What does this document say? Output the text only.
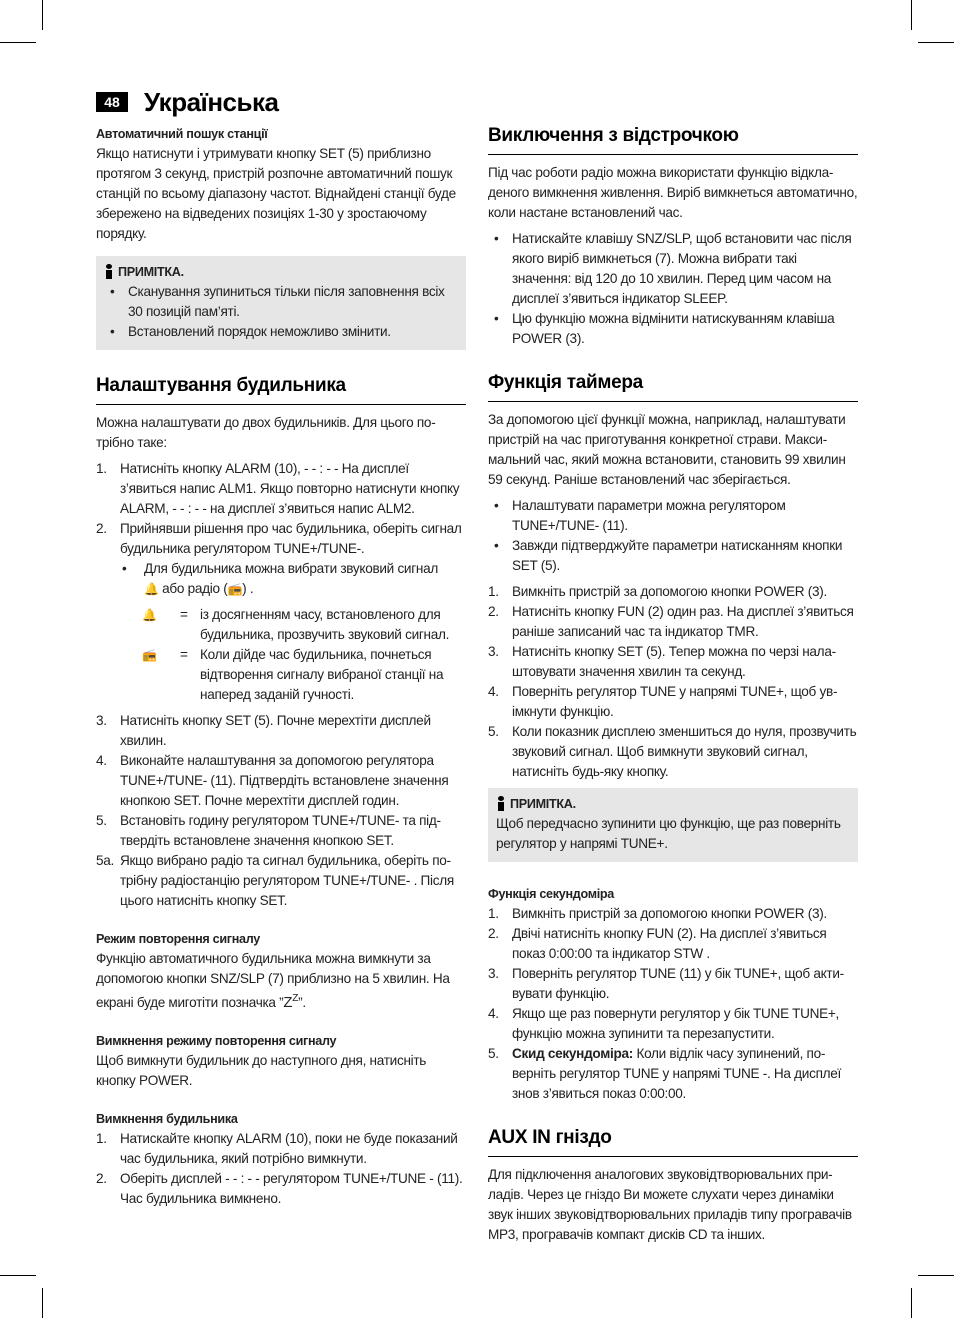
48 Українська

Автоматичний пошук станції

Якщо натиснути і утримувати кнопку SET (5) приблизно протягом 3 секунд, пристрій розпочне автоматичний пошук станцій по всьому діапазону частот. Віднайдені станції буде збережено на відведених позиціях 1-30 у зростаючому порядку.

ПРИМІТКА.
• Сканування зупиниться тільки після заповнення всіх 30 позицій пам’яті.
• Встановлений порядок неможливо змінити.
Налаштування будильника

Можна налаштувати до двох будильників. Для цього потрібно таке:

1. Натисніть кнопку ALARM (10), - - : - - На дисплеї з’явиться напис ALM1. Якщо повторно натиснути кнопку ALARM, - - : - - на дисплеї з’явиться напис ALM2.
2. Прийнявши рішення про час будильника, оберіть сигнал будильника регулятором TUNE+/TUNE-.
• Для будильника можна вибрати звуковий сигнал
🔔 або радіо (📻) .
🔔	= із досягненням часу, встановленого для будильника, прозвучить звуковий сигнал.
📻	= Коли дійде час будильника, почнеться відтворення сигналу вибраної станції на наперед заданій гучності.
3. Натисніть кнопку SET (5). Почне мерехтіти дисплей хвилин.
4. Виконайте налаштування за допомогою регулятора TUNE+/TUNE- (11). Підтвердіть встановлене значення кнопкою SET. Почне мерехтіти дисплей годин.
5. Встановіть годину регулятором TUNE+/TUNE- та підтвердіть встановлене значення кнопкою SET.
5a. Якщо вибрано радіо та сигнал будильника, оберіть потрібну радіостанцію регулятором TUNE+/TUNE- . Після цього натисніть кнопку SET.

Режим повторення сигналу

Функцію автоматичного будильника можна вимкнути за допомогою кнопки SNZ/SLP (7) приблизно на 5 хвилин. На екрані буде миготіти позначка $”Z^Z$”.

Вимкнення режиму повторення сигналу

Щоб вимкнути будильник до наступного дня, натисніть кнопку POWER.

Вимкнення будильника

1. Натискайте кнопку ALARM (10), поки не буде показаний час будильника, який потрібно вимкнути.
2. Оберіть дисплей - - : - - регулятором TUNE+/TUNE - (11). Час будильника вимкнено.
Виключення з відстрочкою

Під час роботи радіо можна використати функцію відкладеного вимкнення живлення. Виріб вимкнеться автоматично, коли настане встановлений час.

• Натискайте клавішу SNZ/SLP, щоб встановити час після якого виріб вимкнеться (7). Можна вибрати такі значення: від 120 до 10 хвилин. Перед цим часом на дисплеї з’явиться індикатор SLEEP.
• Цю функцію можна відмінити натискуванням клавіша POWER (3).
Функція таймера

За допомогою цієї функції можна, наприклад, налаштувати пристрій на час приготування конкретної страви. Максимальний час, який можна встановити, становить 99 хвилин 59 секунд. Раніше встановлений час зберігається.

• Налаштувати параметри можна регулятором TUNE+/TUNE- (11).
• Завжди підтверджуйте параметри натисканням кнопки SET (5).
1. Вимкніть пристрій за допомогою кнопки POWER (3).
2. Натисніть кнопку FUN (2) один раз. На дисплеї з’явиться раніше записаний час та індикатор TMR.
3. Натисніть кнопку SET (5). Тепер можна по черзі налаштовувати значення хвилин та секунд.
4. Поверніть регулятор TUNE у напрямі TUNE+, щоб увімкнути функцію.
5. Коли показник дисплею зменшиться до нуля, прозвучить звуковий сигнал. Щоб вимкнути звуковий сигнал, натисніть будь-яку кнопку.
ПРИМІТКА.

Щоб передчасно зупинити цю функцію, ще раз поверніть регулятор у напрямі TUNE+.

Функція секундоміра

1. Вимкніть пристрій за допомогою кнопки POWER (3).
2. Двічі натисніть кнопку FUN (2). На дисплеї з’явиться показ 0:00:00 та індикатор STW .
3. Поверніть регулятор TUNE (11) у бік TUNE+, щоб активувати функцію.
4. Якщо ще раз повернути регулятор у бік TUNE TUNE+, функцію можна зупинити та перезапустити.
5. Скид секундоміра: Коли відлік часу зупинений, поверніть регулятор TUNE у напрямі TUNE -. На дисплеї знов з’явиться показ 0:00:00.
AUX IN гніздо

Для підключення аналогових звуковідтворювальних приладів. Через це гніздо Ви можете слухати через динаміки звук інших звуковідтворювальних приладів типу програвачів MP3, програвачів компакт дисків CD та інших.
